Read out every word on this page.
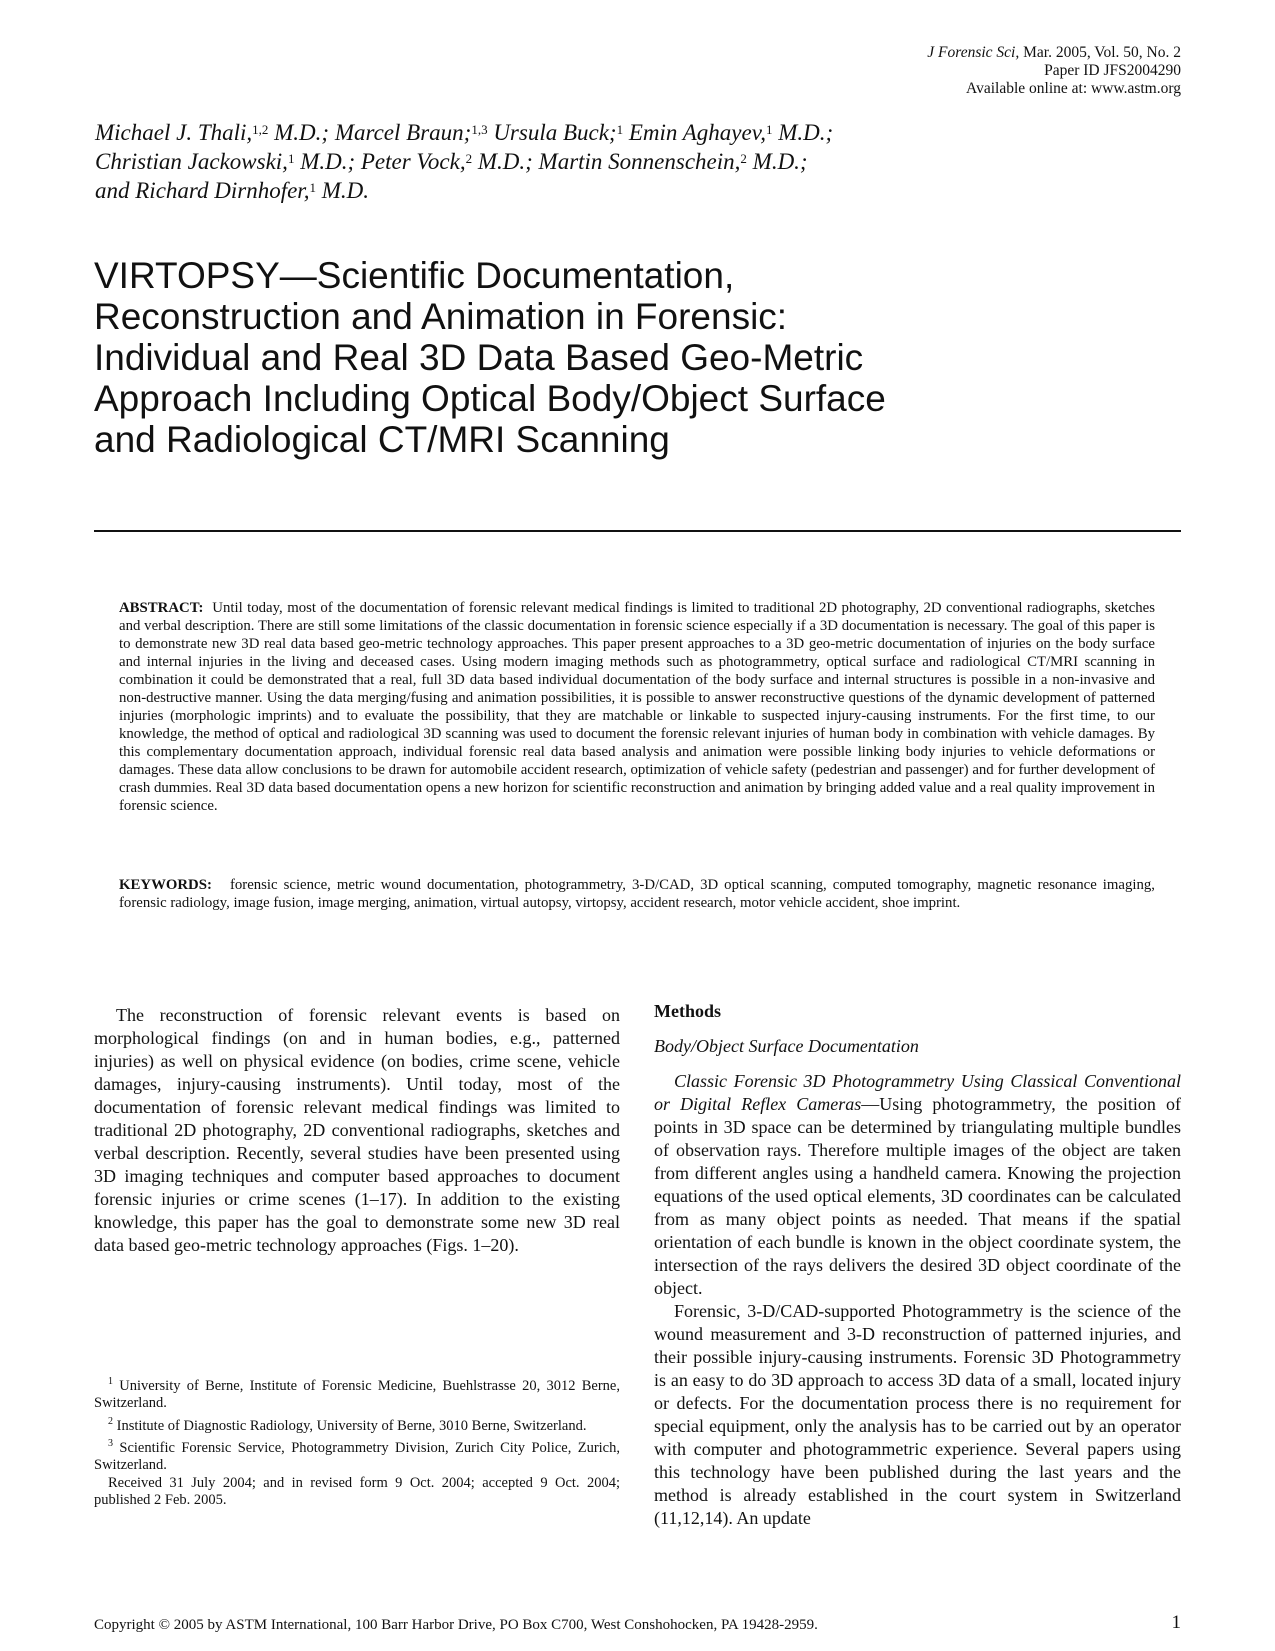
J Forensic Sci, Mar. 2005, Vol. 50, No. 2
Paper ID JFS2004290
Available online at: www.astm.org
Michael J. Thali,$^{1,2}$ M.D.; Marcel Braun;$^{1,3}$ Ursula Buck;$^1$ Emin Aghayev,$^1$ M.D.;
Christian Jackowski,$^1$ M.D.; Peter Vock,$^2$ M.D.; Martin Sonnenschein,$^2$ M.D.;
and Richard Dirnhofer,$^1$ M.D.
VIRTOPSY—Scientific Documentation,
Reconstruction and Animation in Forensic:
Individual and Real 3D Data Based Geo-Metric
Approach Including Optical Body/Object Surface
and Radiological CT/MRI Scanning

ABSTRACT: Until today, most of the documentation of forensic relevant medical findings is limited to traditional 2D photography, 2D conventional radiographs, sketches and verbal description. There are still some limitations of the classic documentation in forensic science especially if a 3D documentation is necessary. The goal of this paper is to demonstrate new 3D real data based geo-metric technology approaches. This paper present approaches to a 3D geo-metric documentation of injuries on the body surface and internal injuries in the living and deceased cases. Using modern imaging methods such as photogrammetry, optical surface and radiological CT/MRI scanning in combination it could be demonstrated that a real, full 3D data based individual documentation of the body surface and internal structures is possible in a non-invasive and non-destructive manner. Using the data merging/fusing and animation possibilities, it is possible to answer reconstructive questions of the dynamic development of patterned injuries (morphologic imprints) and to evaluate the possibility, that they are matchable or linkable to suspected injury-causing instruments. For the first time, to our knowledge, the method of optical and radiological 3D scanning was used to document the forensic relevant injuries of human body in combination with vehicle damages. By this complementary documentation approach, individual forensic real data based analysis and animation were possible linking body injuries to vehicle deformations or damages. These data allow conclusions to be drawn for automobile accident research, optimization of vehicle safety (pedestrian and passenger) and for further development of crash dummies. Real 3D data based documentation opens a new horizon for scientific reconstruction and animation by bringing added value and a real quality improvement in forensic science.

KEYWORDS: forensic science, metric wound documentation, photogrammetry, 3-D/CAD, 3D optical scanning, computed tomography, magnetic resonance imaging, forensic radiology, image fusion, image merging, animation, virtual autopsy, virtopsy, accident research, motor vehicle accident, shoe imprint.

The reconstruction of forensic relevant events is based on morphological findings (on and in human bodies, e.g., patterned injuries) as well on physical evidence (on bodies, crime scene, vehicle damages, injury-causing instruments). Until today, most of the documentation of forensic relevant medical findings was limited to traditional 2D photography, 2D conventional radiographs, sketches and verbal description. Recently, several studies have been presented using 3D imaging techniques and computer based approaches to document forensic injuries or crime scenes (1–17). In addition to the existing knowledge, this paper has the goal to demonstrate some new 3D real data based geo-metric technology approaches (Figs. 1–20).

$^1$ University of Berne, Institute of Forensic Medicine, Buehlstrasse 20, 3012 Berne, Switzerland.

$^2$ Institute of Diagnostic Radiology, University of Berne, 3010 Berne, Switzerland.

$^3$ Scientific Forensic Service, Photogrammetry Division, Zurich City Police, Zurich, Switzerland.

Received 31 July 2004; and in revised form 9 Oct. 2004; accepted 9 Oct. 2004; published 2 Feb. 2005.

Methods
Body/Object Surface Documentation

Classic Forensic 3D Photogrammetry Using Classical Conventional or Digital Reflex Cameras—Using photogrammetry, the position of points in 3D space can be determined by triangulating multiple bundles of observation rays. Therefore multiple images of the object are taken from different angles using a handheld camera. Knowing the projection equations of the used optical elements, 3D coordinates can be calculated from as many object points as needed. That means if the spatial orientation of each bundle is known in the object coordinate system, the intersection of the rays delivers the desired 3D object coordinate of the object.

Forensic, 3-D/CAD-supported Photogrammetry is the science of the wound measurement and 3-D reconstruction of patterned injuries, and their possible injury-causing instruments. Forensic 3D Photogrammetry is an easy to do 3D approach to access 3D data of a small, located injury or defects. For the documentation process there is no requirement for special equipment, only the analysis has to be carried out by an operator with computer and photogrammetric experience. Several papers using this technology have been published during the last years and the method is already established in the court system in Switzerland (11,12,14). An update

Copyright © 2005 by ASTM International, 100 Barr Harbor Drive, PO Box C700, West Conshohocken, PA 19428-2959.	1
